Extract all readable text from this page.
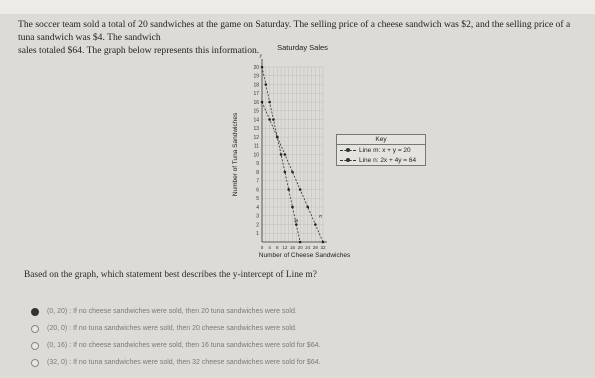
The soccer team sold a total of 20 sandwiches at the game on Saturday. The selling price of a cheese sandwich was $2, and the selling price of a tuna sandwich was $4. The sandwich
sales totaled $64. The graph below represents this information.	Saturday Sales
y
1
2
3
4
5
6
7
8
9
10
11
12
13
14
15
16
17
18
19
20
0 4 8 12 16 20 24 28 32
Number of Cheese Sandwiches
Number of Tuna Sandwiches
m
n
Key
Line m: x + y = 20
Line n: 2x + 4y = 64
Based on the graph, which statement best describes the y-intercept of Line m?
(0, 20) : If no cheese sandwiches were sold, then 20 tuna sandwiches were sold.
(20, 0) : If no tuna sandwiches were sold, then 20 cheese sandwiches were sold.
(0, 16) : If no cheese sandwiches were sold, then 16 tuna sandwiches were sold for $64.
(32, 0) : If no tuna sandwiches were sold, then 32 cheese sandwiches were sold for $64.
